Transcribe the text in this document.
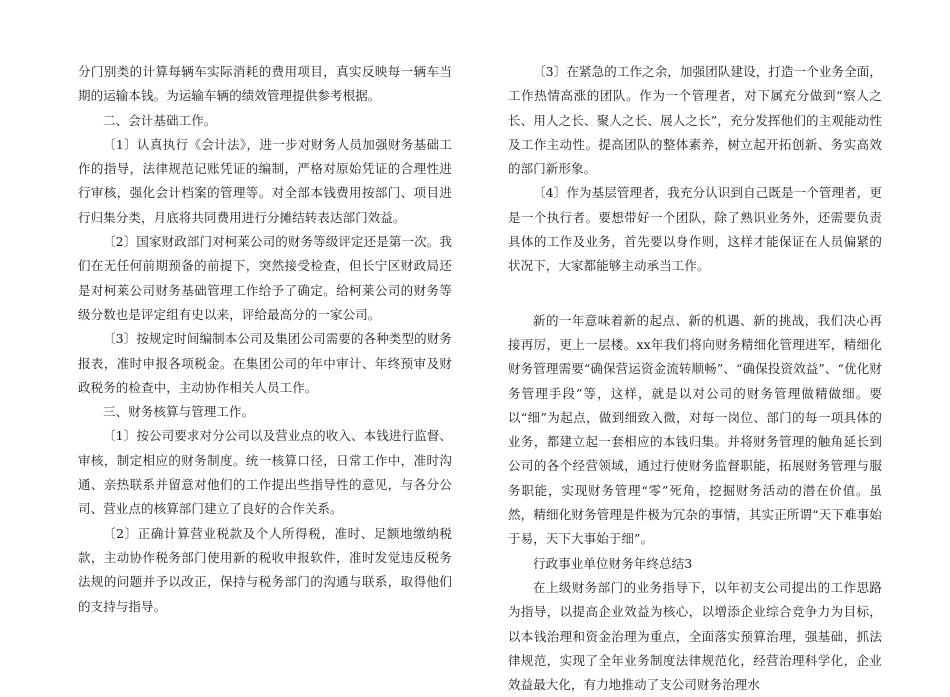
分门别类的计算每辆车实际消耗的费用项目，真实反映每一辆车当期的运输本钱。为运输车辆的绩效管理提供参考根据。

二、会计基础工作。

〔1〕认真执行《会计法》，进一步对财务人员加强财务基础工作的指导，法律规范记账凭证的编制，严格对原始凭证的合理性进行审核，强化会计档案的管理等。对全部本钱费用按部门、项目进行归集分类，月底将共同费用进行分摊结转表达部门效益。

〔2〕国家财政部门对柯莱公司的财务等级评定还是第一次。我们在无任何前期预备的前提下，突然接受检查，但长宁区财政局还是对柯莱公司财务基础管理工作给予了确定。给柯莱公司的财务等级分数也是评定组有史以来，评给最高分的一家公司。

〔3〕按规定时间编制本公司及集团公司需要的各种类型的财务报表，准时申报各项税金。在集团公司的年中审计、年终预审及财政税务的检查中，主动协作相关人员工作。

三、财务核算与管理工作。

〔1〕按公司要求对分公司以及营业点的收入、本钱进行监督、审核，制定相应的财务制度。统一核算口径，日常工作中，准时沟通、亲热联系并留意对他们的工作提出些指导性的意见，与各分公司、营业点的核算部门建立了良好的合作关系。

〔2〕正确计算营业税款及个人所得税，准时、足额地缴纳税款，主动协作税务部门使用新的税收申报软件，准时发觉违反税务法规的问题并予以改正，保持与税务部门的沟通与联系，取得他们的支持与指导。

〔3〕在紧急的工作之余，加强团队建设，打造一个业务全面，工作热情高涨的团队。作为一个管理者，对下属充分做到“察人之长、用人之长、聚人之长、展人之长”，充分发挥他们的主观能动性及工作主动性。提高团队的整体素养，树立起开拓创新、务实高效的部门新形象。

〔4〕作为基层管理者，我充分认识到自己既是一个管理者，更是一个执行者。要想带好一个团队，除了熟识业务外，还需要负责具体的工作及业务，首先要以身作则，这样才能保证在人员偏紧的状况下，大家都能够主动承当工作。

新的一年意味着新的起点、新的机遇、新的挑战，我们决心再接再厉，更上一层楼。xx年我们将向财务精细化管理进军，精细化财务管理需要“确保营运资金流转顺畅”、“确保投资效益”、“优化财务管理手段”等，这样，就是以对公司的财务管理做精做细。要以“细”为起点，做到细致入微，对每一岗位、部门的每一项具体的业务，都建立起一套相应的本钱归集。并将财务管理的触角延长到公司的各个经营领域，通过行使财务监督职能，拓展财务管理与服务职能，实现财务管理“零”死角，挖掘财务活动的潜在价值。虽然，精细化财务管理是件极为冗杂的事情，其实正所谓“天下难事始于易，天下大事始于细”。

行政事业单位财务年终总结3

在上级财务部门的业务指导下，以年初支公司提出的工作思路为指导，以提高企业效益为核心，以增添企业综合竞争力为目标，以本钱治理和资金治理为重点，全面落实预算治理，强基础，抓法律规范，实现了全年业务制度法律规范化，经营治理科学化，企业效益最大化，有力地推动了支公司财务治理水
